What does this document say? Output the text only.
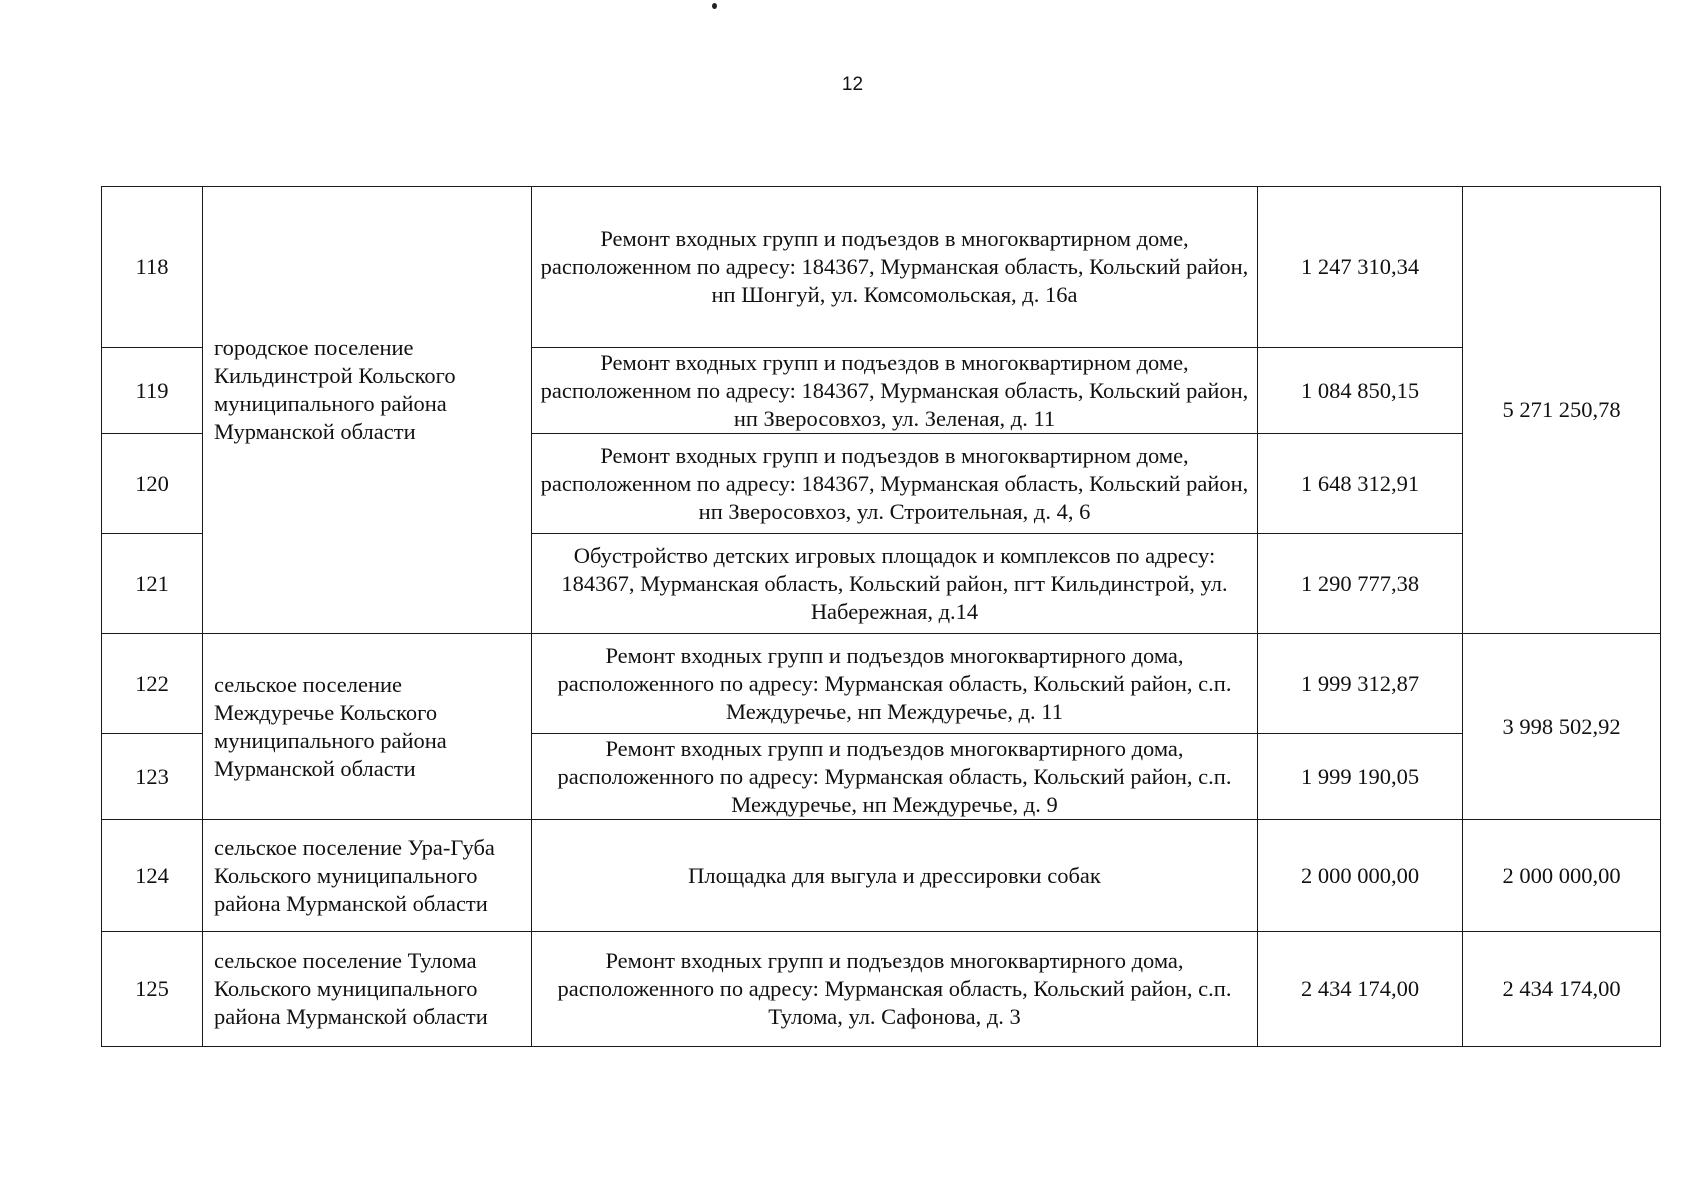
12
118	городское поселение Кильдинстрой Кольского муниципального района Мурманской области	Ремонт входных групп и подъездов в многоквартирном доме, расположенном по адресу: 184367, Мурманская область, Кольский район, нп Шонгуй, ул. Комсомольская, д. 16а	1 247 310,34	5 271 250,78
119		Ремонт входных групп и подъездов в многоквартирном доме, расположенном по адресу: 184367, Мурманская область, Кольский район, нп Зверосовхоз, ул. Зеленая, д. 11	1 084 850,15	
120		Ремонт входных групп и подъездов в многоквартирном доме, расположенном по адресу: 184367, Мурманская область, Кольский район, нп Зверосовхоз, ул. Строительная, д. 4, 6	1 648 312,91	
121		Обустройство детских игровых площадок и комплексов по адресу: 184367, Мурманская область, Кольский район, пгт Кильдинстрой, ул. Набережная, д.14	1 290 777,38	
122	сельское поселение Междуречье Кольского муниципального района Мурманской области	Ремонт входных групп и подъездов многоквартирного дома, расположенного по адресу: Мурманская область, Кольский район, с.п. Междуречье, нп Междуречье, д. 11	1 999 312,87	3 998 502,92
123		Ремонт входных групп и подъездов многоквартирного дома, расположенного по адресу: Мурманская область, Кольский район, с.п. Междуречье, нп Междуречье, д. 9	1 999 190,05	
124	сельское поселение Ура-Губа Кольского муниципального района Мурманской области	Площадка для выгула и дрессировки собак	2 000 000,00	2 000 000,00
125	сельское поселение Тулома Кольского муниципального района Мурманской области	Ремонт входных групп и подъездов многоквартирного дома, расположенного по адресу: Мурманская область, Кольский район, с.п. Тулома, ул. Сафонова, д. 3	2 434 174,00	2 434 174,00
